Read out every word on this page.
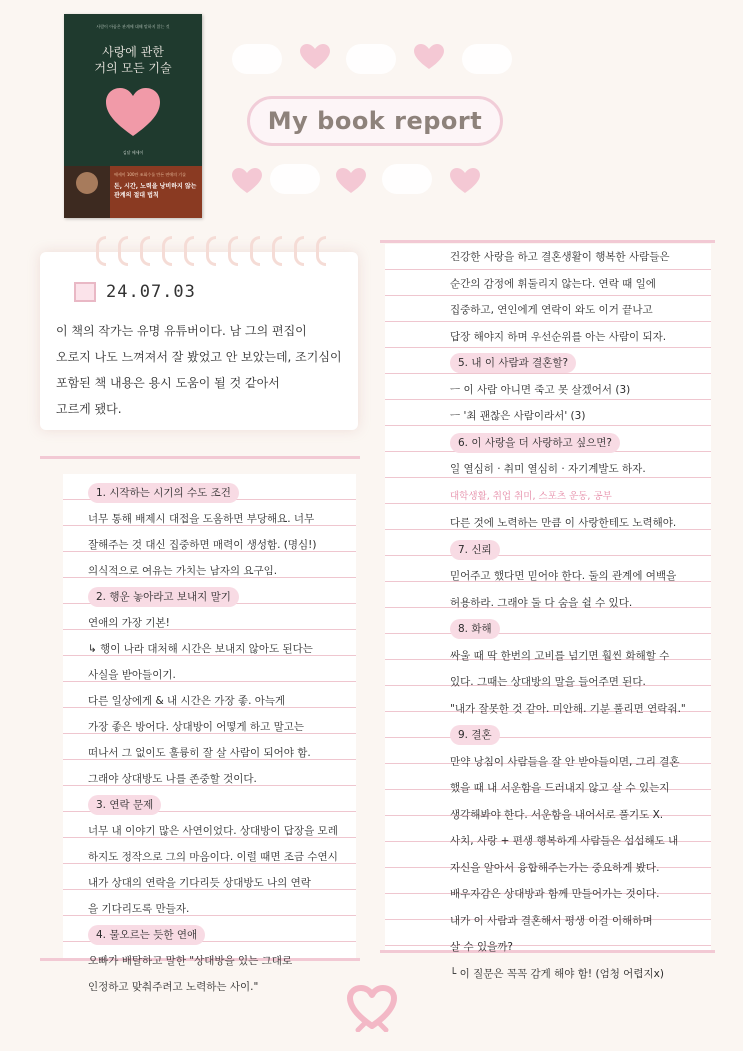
사람이 아픔은 관계에 대해 말하지 않는 것
사랑에 관한
거의 모든 기술
김달 에세이
에세이 100만 조회수를 만든 연애의 기술
돈, 시간, 노력을 낭비하지 않는
관계의 절대 법칙
My book report
24.07.03
이 책의 작가는 유명 유튜버이다. 남 그의 편집이
오로지 나도 느껴져서 잘 봤었고 안 보았는데, 조기심이
포함된 책 내용은 용시 도움이 될 것 같아서
고르게 됐다.
1. 시작하는 시기의 수도 조건
너무 통해 배제시 대접을 도움하면 부당해요. 너무
잘해주는 것 대신 집중하면 매력이 생성함. (명심!)
의식적으로 여유는 가치는 남자의 요구임.
2. 행운 놓아라고 보내지 말기
연애의 가장 기본!
↳ 행이 나라 대처해 시간은 보내지 않아도 된다는
사실을 받아들이기.
다른 일상에게 & 내 시간은 가장 좋. 아늑게
가장 좋은 방어다. 상대방이 어떻게 하고 말고는
떠나서 그 없이도 훌륭히 잘 살 사람이 되어야 함.
그래야 상대방도 나를 존중할 것이다.
3. 연락 문제
너무 내 이야기 많은 사연이었다. 상대방이 답장을 모레
하지도 정작으로 그의 마음이다. 이럴 때면 조금 수연시
내가 상대의 연락을 기다리듯 상대방도 나의 연락
을 기다리도록 만들자.
4. 물오르는 듯한 연애
오빠가 배탈하고 말한 "상대방을 있는 그대로
인정하고 맞춰주려고 노력하는 사이."
건강한 사랑을 하고 결혼생활이 행복한 사람들은
순간의 감정에 휘둘리지 않는다. 연락 때 일에
집중하고, 연인에게 연락이 와도 이거 끝나고
답장 해야지 하며 우선순위를 아는 사람이 되자.
5. 내 이 사람과 결혼할?
ㅡ 이 사람 아니면 죽고 못 살겠어서 (3)
ㅡ '최 괜찮은 사람이라서' (3)
6. 이 사랑을 더 사랑하고 싶으면?
일 열심히 · 취미 열심히 · 자기계발도 하자.
대학생활, 취업 취미, 스포츠 운동, 공부
다른 것에 노력하는 만큼 이 사랑한테도 노력해야.
7. 신뢰
믿어주고 했다면 믿어야 한다. 둘의 관계에 여백을
허용하라. 그래야 둘 다 숨을 쉴 수 있다.
8. 화해
싸울 때 딱 한번의 고비를 넘기면 훨씬 화해할 수
있다. 그때는 상대방의 말을 들어주면 된다.
"내가 잘못한 것 같아. 미안해. 기분 풀리면 연락줘."
9. 결혼
만약 낭침이 사람들을 잘 안 받아들이면, 그리 결혼
했을 때 내 서운함을 드러내지 않고 살 수 있는지
생각해봐야 한다. 서운함을 내어서로 풀기도 X.
사치, 사랑 + 편생 행복하게 사람들은 섭섭해도 내
자신을 알아서 융합해주는가는 중요하게 봤다.
배우자감은 상대방과 함께 만들어가는 것이다.
내가 이 사람과 결혼해서 평생 이걸 이해하며
살 수 있을까?
└ 이 질문은 꼭꼭 감게 해야 함! (엄청 어렵지x)
